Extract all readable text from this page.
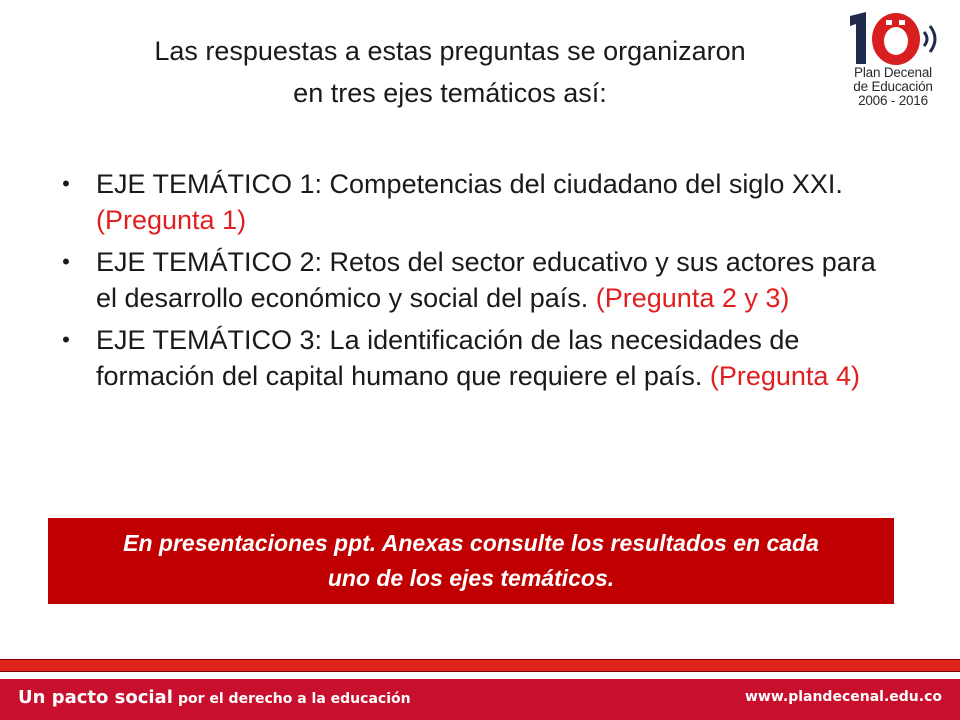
Las respuestas a estas preguntas se organizaron
en tres ejes temáticos así:
Plan Decenal
de Educación
2006 - 2016
• EJE TEMÁTICO 1: Competencias del ciudadano del siglo XXI. (Pregunta 1)
• EJE TEMÁTICO 2: Retos del sector educativo y sus actores para el desarrollo económico y social del país. (Pregunta 2 y 3)
• EJE TEMÁTICO 3: La identificación de las necesidades de formación del capital humano que requiere el país. (Pregunta 4)
En presentaciones ppt. Anexas consulte los resultados en cada
uno de los ejes temáticos.
Un pacto social por el derecho a la educación	www.plandecenal.edu.co
